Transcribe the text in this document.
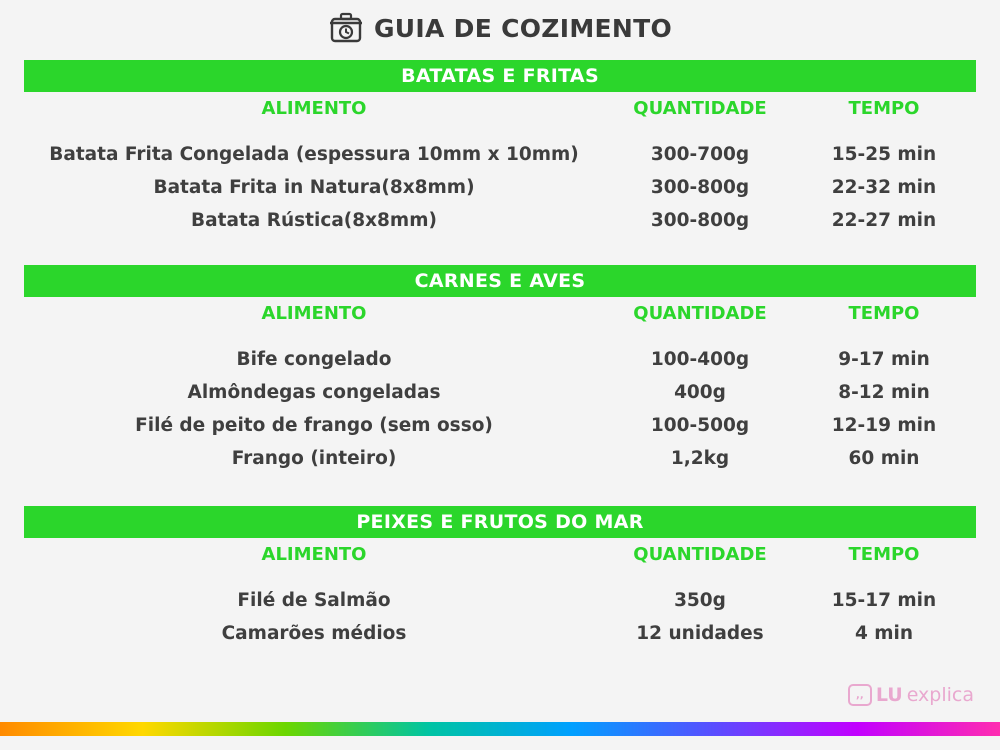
GUIA DE COZIMENTO
BATATAS E FRITAS
ALIMENTO	QUANTIDADE	TEMPO
Batata Frita Congelada (espessura 10mm x 10mm)	300-700g	15-25 min
Batata Frita in Natura(8x8mm)	300-800g	22-32 min
Batata Rústica(8x8mm)	300-800g	22-27 min
CARNES E AVES
ALIMENTO	QUANTIDADE	TEMPO
Bife congelado	100-400g	9-17 min
Almôndegas congeladas	400g	8-12 min
Filé de peito de frango (sem osso)	100-500g	12-19 min
Frango (inteiro)	1,2kg	60 min
PEIXES E FRUTOS DO MAR
ALIMENTO	QUANTIDADE	TEMPO
Filé de Salmão	350g	15-17 min
Camarões médios	12 unidades	4 min
,, LU explica
